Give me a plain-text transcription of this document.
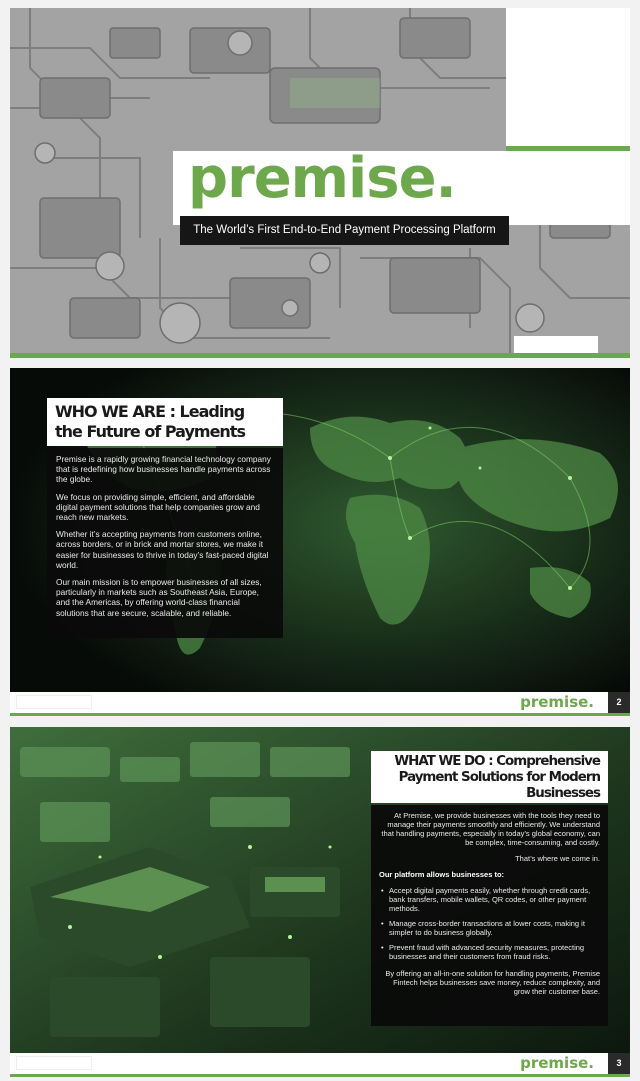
premise.
The World’s First End-to-End Payment Processing Platform
WHO WE ARE : Leading
the Future of Payments

Premise is a rapidly growing financial technology company that is redefining how businesses handle payments across the globe.

We focus on providing simple, efficient, and affordable digital payment solutions that help companies grow and reach new markets.

Whether it’s accepting payments from customers online, across borders, or in brick and mortar stores, we make it easier for businesses to thrive in today’s fast-paced digital world.

Our main mission is to empower businesses of all sizes, particularly in markets such as Southeast Asia, Europe, and the Americas, by offering world-class financial solutions that are secure, scalable, and reliable.

premise.	2
WHAT WE DO : Comprehensive
Payment Solutions for Modern
Businesses

At Premise, we provide businesses with the tools they need to manage their payments smoothly and efficiently. We understand that handling payments, especially in today’s global economy, can be complex, time-consuming, and costly.

That’s where we come in.

Our platform allows businesses to:

• Accept digital payments easily, whether through credit cards, bank transfers, mobile wallets, QR codes, or other payment methods.
• Manage cross-border transactions at lower costs, making it simpler to do business globally.
• Prevent fraud with advanced security measures, protecting businesses and their customers from fraud risks.

By offering an all-in-one solution for handling payments, Premise Fintech helps businesses save money, reduce complexity, and grow their customer base.

premise.	3
